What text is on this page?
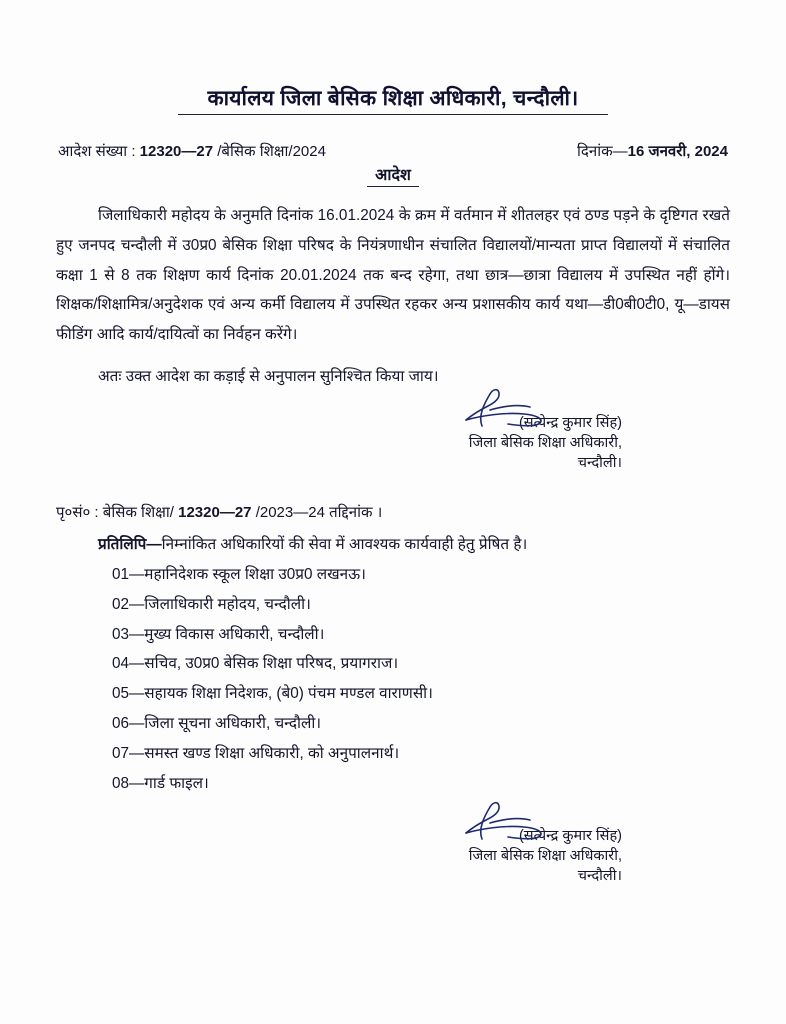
कार्यालय जिला बेसिक शिक्षा अधिकारी, चन्दौली।
आदेश संख्या : 12320—27 /बेसिक शिक्षा/2024	दिनांक—16 जनवरी, 2024
आदेश
जिलाधिकारी महोदय के अनुमति दिनांक 16.01.2024 के क्रम में वर्तमान में शीतलहर एवं ठण्ड पड़ने के दृष्टिगत रखते हुए जनपद चन्दौली में उ0प्र0 बेसिक शिक्षा परिषद के नियंत्रणाधीन संचालित विद्यालयों/मान्यता प्राप्त विद्यालयों में संचालित कक्षा 1 से 8 तक शिक्षण कार्य दिनांक 20.01.2024 तक बन्द रहेगा, तथा छात्र—छात्रा विद्यालय में उपस्थित नहीं होंगे। शिक्षक/शिक्षामित्र/अनुदेशक एवं अन्य कर्मी विद्यालय में उपस्थित रहकर अन्य प्रशासकीय कार्य यथा—डी0बी0टी0, यू—डायस फीडिंग आदि कार्य/दायित्वों का निर्वहन करेंगे।
अतः उक्त आदेश का कड़ाई से अनुपालन सुनिश्चित किया जाय।
(सत्येन्द्र कुमार सिंह)
जिला बेसिक शिक्षा अधिकारी,
चन्दौली।
पृ०सं० : बेसिक शिक्षा/ 12320—27 /2023—24 तद्दिनांक ।
प्रतिलिपि—निम्नांकित अधिकारियों की सेवा में आवश्यक कार्यवाही हेतु प्रेषित है।
01—महानिदेशक स्कूल शिक्षा उ0प्र0 लखनऊ।
02—जिलाधिकारी महोदय, चन्दौली।
03—मुख्य विकास अधिकारी, चन्दौली।
04—सचिव, उ0प्र0 बेसिक शिक्षा परिषद, प्रयागराज।
05—सहायक शिक्षा निदेशक, (बे0) पंचम मण्डल वाराणसी।
06—जिला सूचना अधिकारी, चन्दौली।
07—समस्त खण्ड शिक्षा अधिकारी, को अनुपालनार्थ।
08—गार्ड फाइल।
(सत्येन्द्र कुमार सिंह)
जिला बेसिक शिक्षा अधिकारी,
चन्दौली।
